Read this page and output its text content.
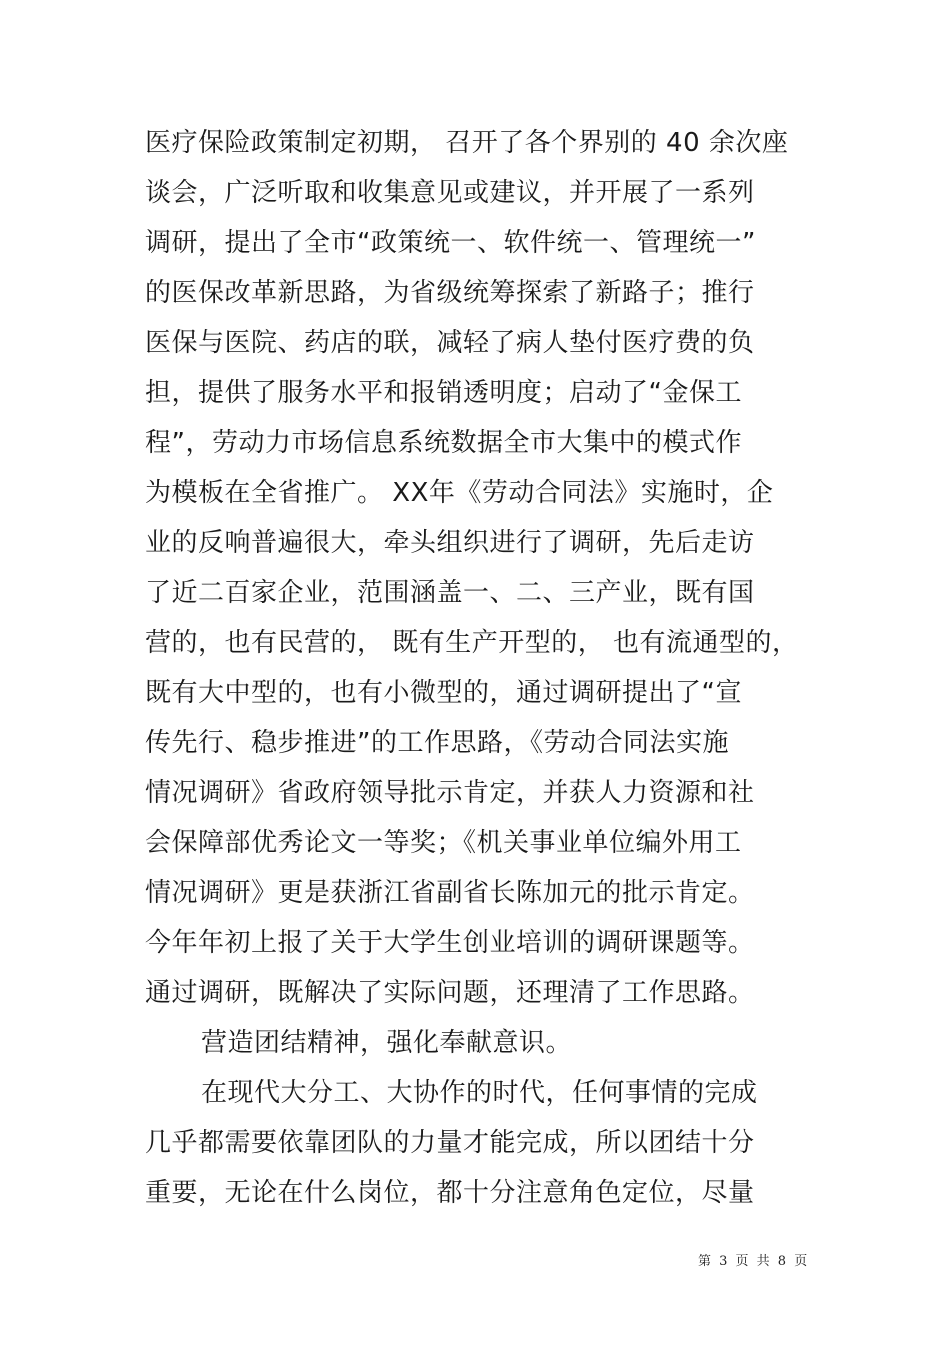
医疗保险政策制定初期， 召开了各个界别的 40 余次座
谈会，广泛听取和收集意见或建议，并开展了一系列
调研，提出了全市“政策统一、软件统一、管理统一”
的医保改革新思路，为省级统筹探索了新路子；推行
医保与医院、药店的联，减轻了病人垫付医疗费的负
担，提供了服务水平和报销透明度；启动了“金保工
程”，劳动力市场信息系统数据全市大集中的模式作
为模板在全省推广。 XX年《劳动合同法》实施时，企
业的反响普遍很大，牵头组织进行了调研，先后走访
了近二百家企业，范围涵盖一、二、三产业，既有国
营的，也有民营的， 既有生产开型的， 也有流通型的，
既有大中型的，也有小微型的，通过调研提出了“宣
传先行、稳步推进”的工作思路，《劳动合同法实施
情况调研》省政府领导批示肯定，并获人力资源和社
会保障部优秀论文一等奖；《机关事业单位编外用工
情况调研》更是获浙江省副省长陈加元的批示肯定。
今年年初上报了关于大学生创业培训的调研课题等。
通过调研，既解决了实际问题，还理清了工作思路。
营造团结精神，强化奉献意识。
在现代大分工、大协作的时代，任何事情的完成
几乎都需要依靠团队的力量才能完成，所以团结十分
重要，无论在什么岗位，都十分注意角色定位，尽量
第 3 页 共 8 页
